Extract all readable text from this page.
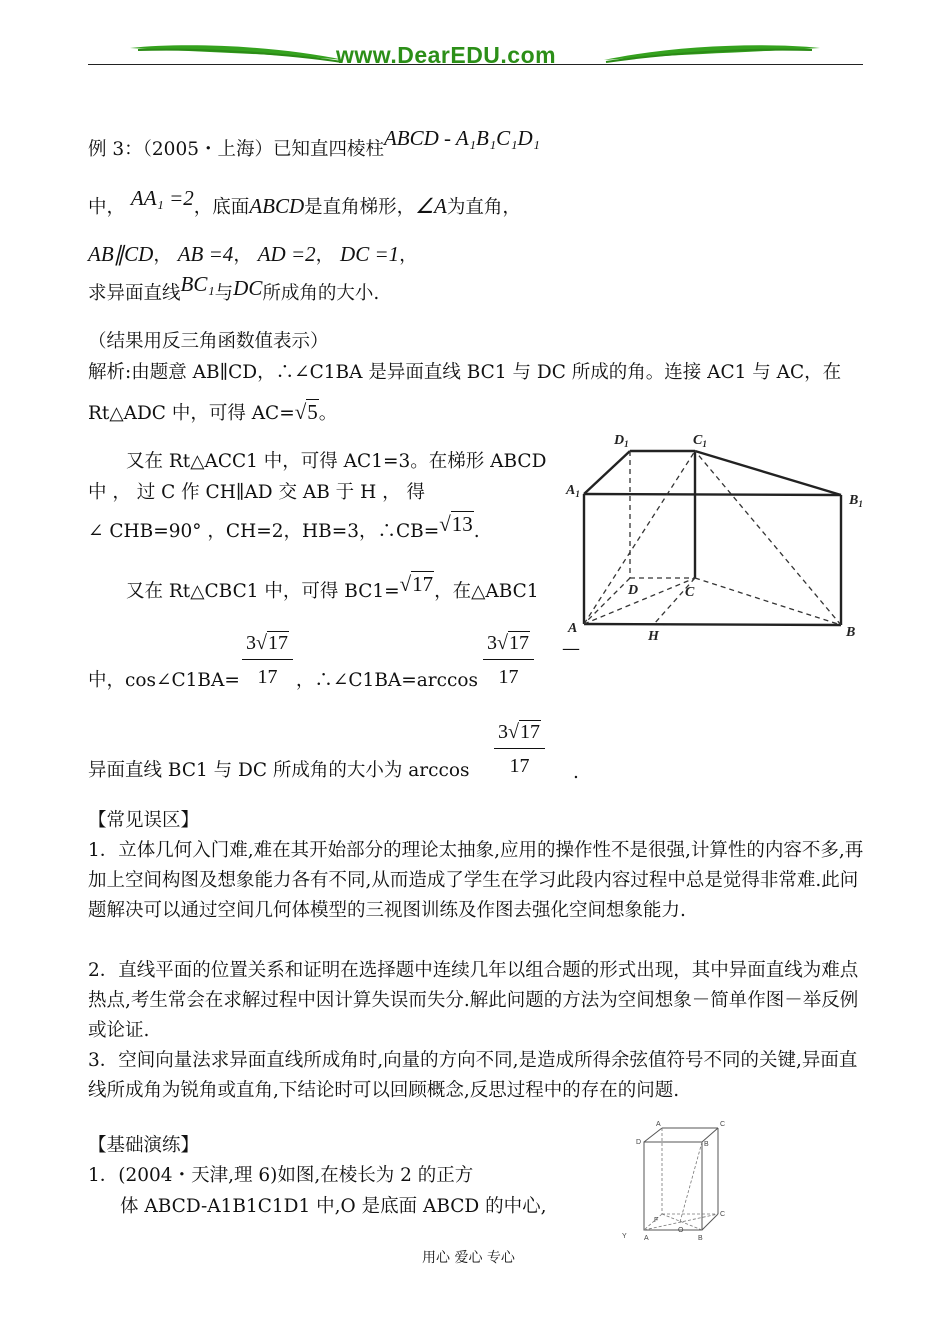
www.DearEDU.com
例 3：（2005・上海）已知直四棱柱ABCD - A₁B₁C₁D₁
中， AA₁ =2，底面ABCD是直角梯形，∠A为直角，
AB∥CD， AB =4， AD =2， DC =1，
求异面直线BC₁与DC所成角的大小.
（结果用反三角函数值表示）
解析:由题意 AB∥CD，∴∠C1BA 是异面直线 BC1 与 DC 所成的角。连接 AC1 与 AC，在
Rt△ADC 中，可得 AC=√5。
又在 Rt△ACC1 中，可得 AC1=3。在梯形 ABCD
中 ， 过 C 作 CH∥AD 交 AB 于 H ， 得
∠ CHB=90° ，CH=2，HB=3，∴CB=√13.
又在 Rt△CBC1 中，可得 BC1=√17，在△ABC1
$\frac{3√17}{17}$	$\frac{3√17}{17}$ —
中，cos∠C1BA=	，∴∠C1BA=arccos
$\frac{3√17}{17}$
异面直线 BC1 与 DC 所成角的大小为 arccos	.
$D_1$	$C_1$
$A_1$	$B_1$
D	C
A
H	B
【常见误区】
1．立体几何入门难,难在其开始部分的理论太抽象,应用的操作性不是很强,计算性的内容不多,再加上空间构图及想象能力各有不同,从而造成了学生在学习此段内容过程中总是觉得非常难.此问题解决可以通过空间几何体模型的三视图训练及作图去强化空间想象能力.
2．直线平面的位置关系和证明在选择题中连续几年以组合题的形式出现，其中异面直线为难点热点,考生常会在求解过程中因计算失误而失分.解此问题的方法为空间想象－简单作图－举反例或论证.
3．空间向量法求异面直线所成角时,向量的方向不同,是造成所得余弦值符号不同的关键,异面直线所成角为锐角或直角,下结论时可以回顾概念,反思过程中的存在的问题.
【基础演练】
1．(2004・天津,理 6)如图,在棱长为 2 的正方
体 ABCD-A1B1C1D1 中,O 是底面 ABCD 的中心,
A	C
D	B
F
O
C
A	B
Y
用心 爱心 专心
